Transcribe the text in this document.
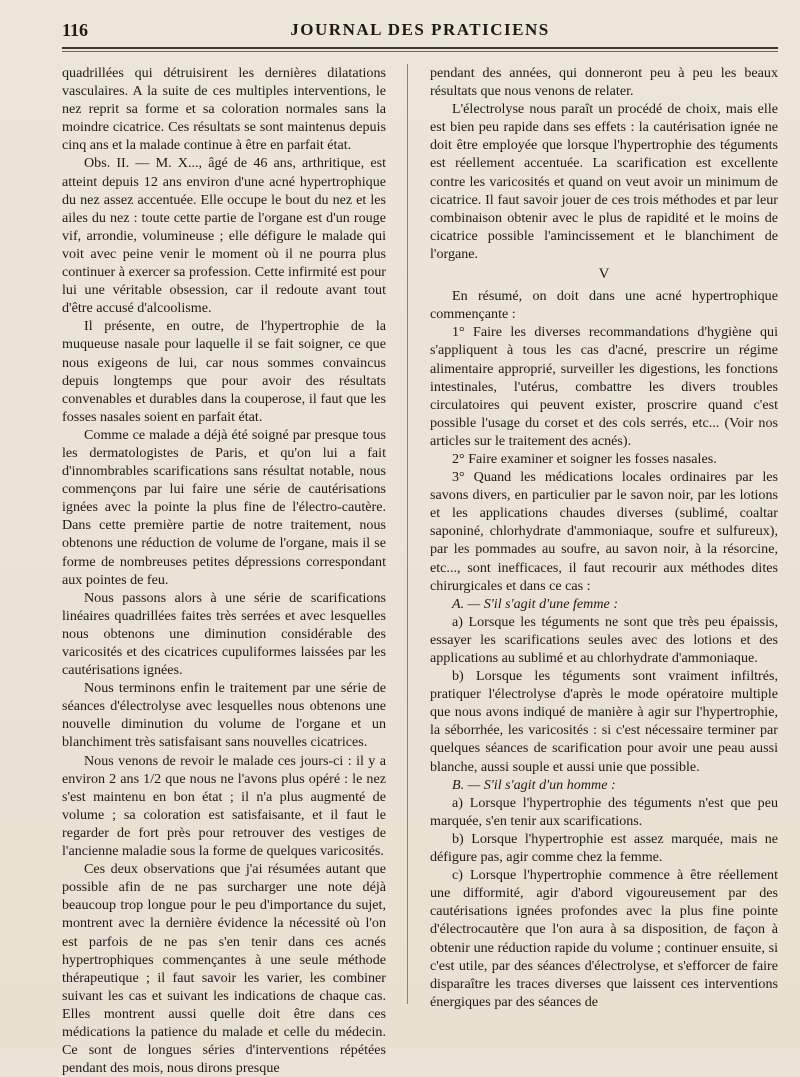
116	JOURNAL DES PRATICIENS

quadrillées qui détruisirent les dernières dilatations vasculaires. A la suite de ces multiples interventions, le nez reprit sa forme et sa coloration normales sans la moindre cicatrice. Ces résultats se sont maintenus depuis cinq ans et la malade continue à être en parfait état.

Obs. II. — M. X..., âgé de 46 ans, arthritique, est atteint depuis 12 ans environ d'une acné hypertrophique du nez assez accentuée. Elle occupe le bout du nez et les ailes du nez : toute cette partie de l'organe est d'un rouge vif, arrondie, volumineuse ; elle défigure le malade qui voit avec peine venir le moment où il ne pourra plus continuer à exercer sa profession. Cette infirmité est pour lui une véritable obsession, car il redoute avant tout d'être accusé d'alcoolisme.

Il présente, en outre, de l'hypertrophie de la muqueuse nasale pour laquelle il se fait soigner, ce que nous exigeons de lui, car nous sommes convaincus depuis longtemps que pour avoir des résultats convenables et durables dans la couperose, il faut que les fosses nasales soient en parfait état.

Comme ce malade a déjà été soigné par presque tous les dermatologistes de Paris, et qu'on lui a fait d'innombrables scarifications sans résultat notable, nous commençons par lui faire une série de cautérisations ignées avec la pointe la plus fine de l'électro-cautère. Dans cette première partie de notre traitement, nous obtenons une réduction de volume de l'organe, mais il se forme de nombreuses petites dépressions correspondant aux pointes de feu.

Nous passons alors à une série de scarifications linéaires quadrillées faites très serrées et avec lesquelles nous obtenons une diminution considérable des varicosités et des cicatrices cupuliformes laissées par les cautérisations ignées.

Nous terminons enfin le traitement par une série de séances d'électrolyse avec lesquelles nous obtenons une nouvelle diminution du volume de l'organe et un blanchiment très satisfaisant sans nouvelles cicatrices.

Nous venons de revoir le malade ces jours-ci : il y a environ 2 ans 1/2 que nous ne l'avons plus opéré : le nez s'est maintenu en bon état ; il n'a plus augmenté de volume ; sa coloration est satisfaisante, et il faut le regarder de fort près pour retrouver des vestiges de l'ancienne maladie sous la forme de quelques varicosités.

Ces deux observations que j'ai résumées autant que possible afin de ne pas surcharger une note déjà beaucoup trop longue pour le peu d'importance du sujet, montrent avec la dernière évidence la nécessité où l'on est parfois de ne pas s'en tenir dans ces acnés hypertrophiques commençantes à une seule méthode thérapeutique ; il faut savoir les varier, les combiner suivant les cas et suivant les indications de chaque cas. Elles montrent aussi quelle doit être dans ces médications la patience du malade et celle du médecin. Ce sont de longues séries d'interventions répétées pendant des mois, nous dirons presque

pendant des années, qui donneront peu à peu les beaux résultats que nous venons de relater.

L'électrolyse nous paraît un procédé de choix, mais elle est bien peu rapide dans ses effets : la cautérisation ignée ne doit être employée que lorsque l'hypertrophie des téguments est réellement accentuée. La scarification est excellente contre les varicosités et quand on veut avoir un minimum de cicatrice. Il faut savoir jouer de ces trois méthodes et par leur combinaison obtenir avec le plus de rapidité et le moins de cicatrice possible l'amincissement et le blanchiment de l'organe.

V

En résumé, on doit dans une acné hypertrophique commençante :

1° Faire les diverses recommandations d'hygiène qui s'appliquent à tous les cas d'acné, prescrire un régime alimentaire approprié, surveiller les digestions, les fonctions intestinales, l'utérus, combattre les divers troubles circulatoires qui peuvent exister, proscrire quand c'est possible l'usage du corset et des cols serrés, etc... (Voir nos articles sur le traitement des acnés).

2° Faire examiner et soigner les fosses nasales.

3° Quand les médications locales ordinaires par les savons divers, en particulier par le savon noir, par les lotions et les applications chaudes diverses (sublimé, coaltar saponiné, chlorhydrate d'ammoniaque, soufre et sulfureux), par les pommades au soufre, au savon noir, à la résorcine, etc..., sont inefficaces, il faut recourir aux méthodes dites chirurgicales et dans ce cas :

A. — S'il s'agit d'une femme :

a) Lorsque les téguments ne sont que très peu épaissis, essayer les scarifications seules avec des lotions et des applications au sublimé et au chlorhydrate d'ammoniaque.

b) Lorsque les téguments sont vraiment infiltrés, pratiquer l'électrolyse d'après le mode opératoire multiple que nous avons indiqué de manière à agir sur l'hypertrophie, la séborrhée, les varicosités : si c'est nécessaire terminer par quelques séances de scarification pour avoir une peau aussi blanche, aussi souple et aussi unie que possible.

B. — S'il s'agit d'un homme :

a) Lorsque l'hypertrophie des téguments n'est que peu marquée, s'en tenir aux scarifications.

b) Lorsque l'hypertrophie est assez marquée, mais ne défigure pas, agir comme chez la femme.

c) Lorsque l'hypertrophie commence à être réellement une difformité, agir d'abord vigoureusement par des cautérisations ignées profondes avec la plus fine pointe d'électrocautère que l'on aura à sa disposition, de façon à obtenir une réduction rapide du volume ; continuer ensuite, si c'est utile, par des séances d'électrolyse, et s'efforcer de faire disparaître les traces diverses que laissent ces interventions énergiques par des séances de
